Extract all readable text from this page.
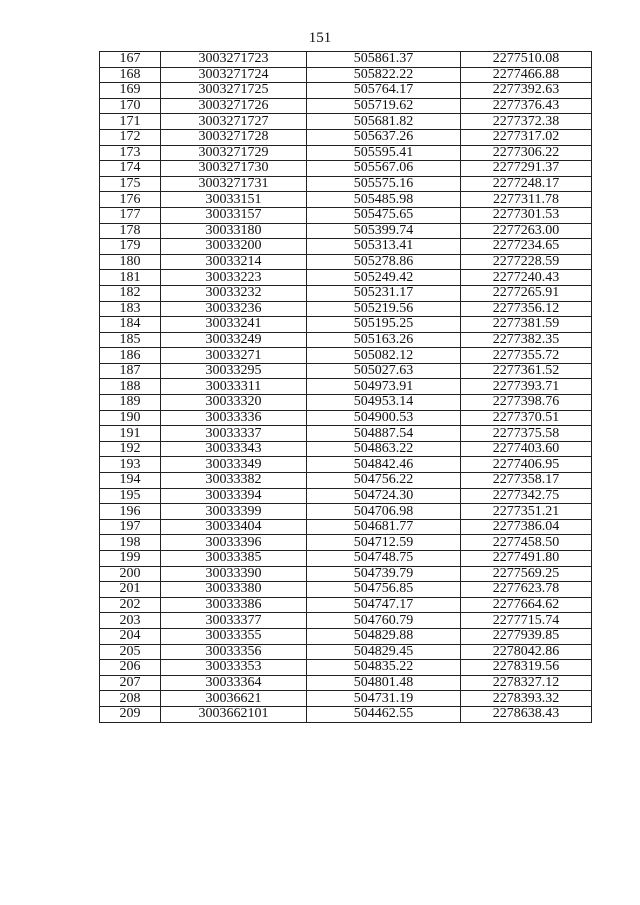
151
167	3003271723	505861.37	2277510.08
168	3003271724	505822.22	2277466.88
169	3003271725	505764.17	2277392.63
170	3003271726	505719.62	2277376.43
171	3003271727	505681.82	2277372.38
172	3003271728	505637.26	2277317.02
173	3003271729	505595.41	2277306.22
174	3003271730	505567.06	2277291.37
175	3003271731	505575.16	2277248.17
176	30033151	505485.98	2277311.78
177	30033157	505475.65	2277301.53
178	30033180	505399.74	2277263.00
179	30033200	505313.41	2277234.65
180	30033214	505278.86	2277228.59
181	30033223	505249.42	2277240.43
182	30033232	505231.17	2277265.91
183	30033236	505219.56	2277356.12
184	30033241	505195.25	2277381.59
185	30033249	505163.26	2277382.35
186	30033271	505082.12	2277355.72
187	30033295	505027.63	2277361.52
188	30033311	504973.91	2277393.71
189	30033320	504953.14	2277398.76
190	30033336	504900.53	2277370.51
191	30033337	504887.54	2277375.58
192	30033343	504863.22	2277403.60
193	30033349	504842.46	2277406.95
194	30033382	504756.22	2277358.17
195	30033394	504724.30	2277342.75
196	30033399	504706.98	2277351.21
197	30033404	504681.77	2277386.04
198	30033396	504712.59	2277458.50
199	30033385	504748.75	2277491.80
200	30033390	504739.79	2277569.25
201	30033380	504756.85	2277623.78
202	30033386	504747.17	2277664.62
203	30033377	504760.79	2277715.74
204	30033355	504829.88	2277939.85
205	30033356	504829.45	2278042.86
206	30033353	504835.22	2278319.56
207	30033364	504801.48	2278327.12
208	30036621	504731.19	2278393.32
209	3003662101	504462.55	2278638.43
